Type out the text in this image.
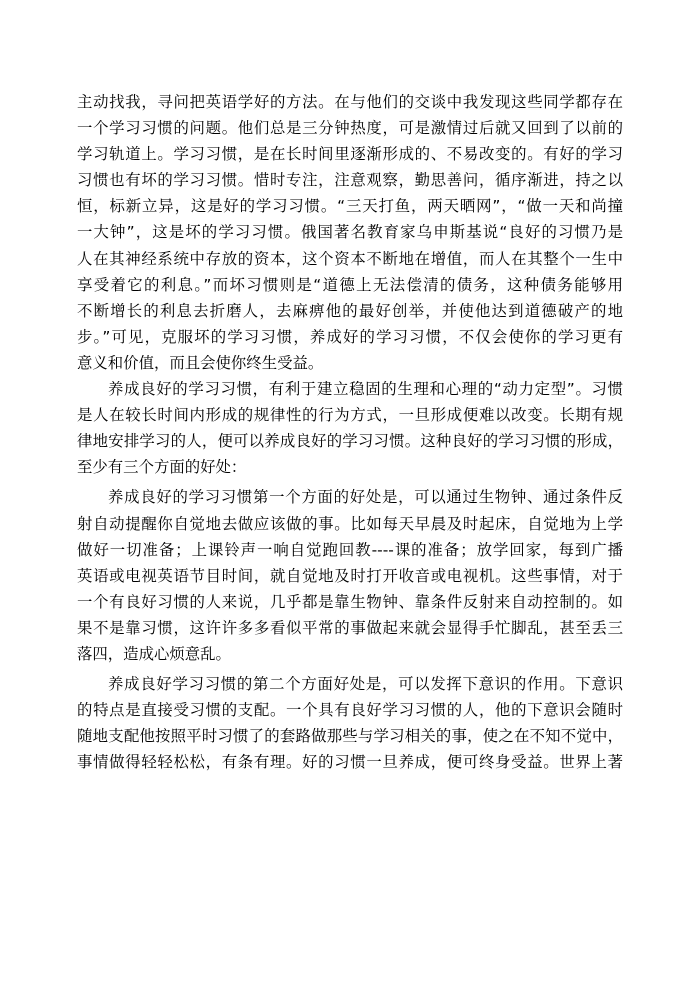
主动找我，寻问把英语学好的方法。在与他们的交谈中我发现这些同学都存在
一个学习习惯的问题。他们总是三分钟热度，可是激情过后就又回到了以前的
学习轨道上。学习习惯，是在长时间里逐渐形成的、不易改变的。有好的学习
习惯也有坏的学习习惯。惜时专注，注意观察，勤思善问，循序渐进，持之以
恒，标新立异，这是好的学习习惯。“三天打鱼，两天晒网”，“做一天和尚撞
一大钟”，这是坏的学习习惯。俄国著名教育家乌申斯基说“良好的习惯乃是
人在其神经系统中存放的资本，这个资本不断地在增值，而人在其整个一生中
享受着它的利息。”而坏习惯则是“道德上无法偿清的债务，这种债务能够用
不断增长的利息去折磨人，去麻痹他的最好创举，并使他达到道德破产的地
步。”可见，克服坏的学习习惯，养成好的学习习惯，不仅会使你的学习更有
意义和价值，而且会使你终生受益。
养成良好的学习习惯，有利于建立稳固的生理和心理的“动力定型”。习惯
是人在较长时间内形成的规律性的行为方式，一旦形成便难以改变。长期有规
律地安排学习的人，便可以养成良好的学习习惯。这种良好的学习习惯的形成，
至少有三个方面的好处：
养成良好的学习习惯第一个方面的好处是，可以通过生物钟、通过条件反
射自动提醒你自觉地去做应该做的事。比如每天早晨及时起床，自觉地为上学
做好一切准备；上课铃声一响自觉跑回教----课的准备；放学回家，每到广播
英语或电视英语节目时间，就自觉地及时打开收音或电视机。这些事情，对于
一个有良好习惯的人来说，几乎都是靠生物钟、靠条件反射来自动控制的。如
果不是靠习惯，这许许多多看似平常的事做起来就会显得手忙脚乱，甚至丢三
落四，造成心烦意乱。
养成良好学习习惯的第二个方面好处是，可以发挥下意识的作用。下意识
的特点是直接受习惯的支配。一个具有良好学习习惯的人，他的下意识会随时
随地支配他按照平时习惯了的套路做那些与学习相关的事，使之在不知不觉中，
事情做得轻轻松松，有条有理。好的习惯一旦养成，便可终身受益。世界上著
